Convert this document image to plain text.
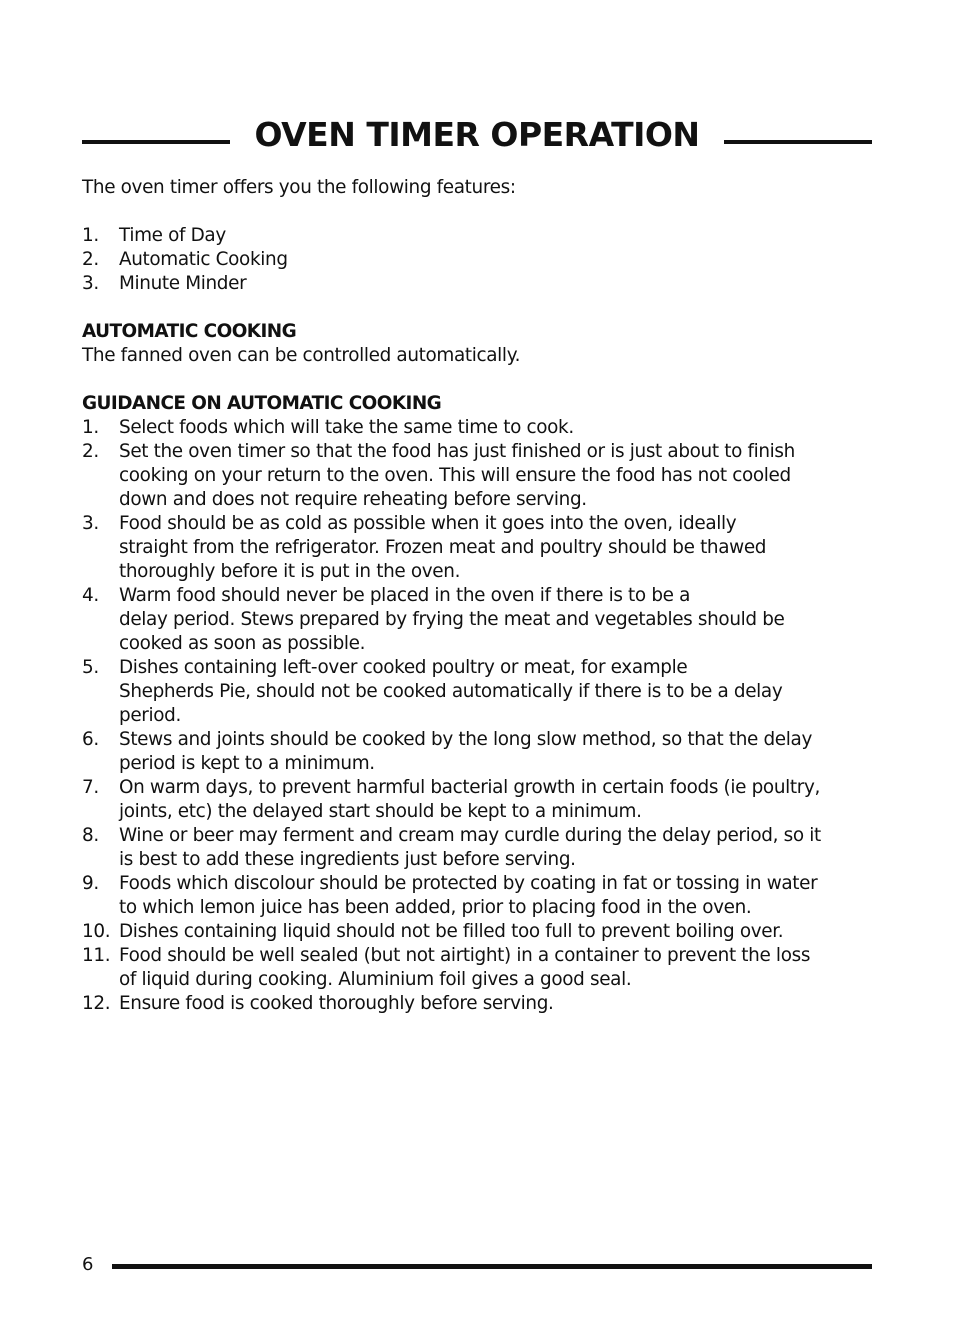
OVEN TIMER OPERATION

The oven timer offers you the following features:

1. Time of Day
2. Automatic Cooking
3. Minute Minder

AUTOMATIC COOKING

The fanned oven can be controlled automatically.

GUIDANCE ON AUTOMATIC COOKING

1. Select foods which will take the same time to cook.
2. Set the oven timer so that the food has just finished or is just about to finish
cooking on your return to the oven. This will ensure the food has not cooled
down and does not require reheating before serving.
3. Food should be as cold as possible when it goes into the oven, ideally
straight from the refrigerator. Frozen meat and poultry should be thawed
thoroughly before it is put in the oven.
4. Warm food should never be placed in the oven if there is to be a
delay period. Stews prepared by frying the meat and vegetables should be
cooked as soon as possible.
5. Dishes containing left-over cooked poultry or meat, for example
Shepherds Pie, should not be cooked automatically if there is to be a delay
period.
6. Stews and joints should be cooked by the long slow method, so that the delay
period is kept to a minimum.
7. On warm days, to prevent harmful bacterial growth in certain foods (ie poultry,
joints, etc) the delayed start should be kept to a minimum.
8. Wine or beer may ferment and cream may curdle during the delay period, so it
is best to add these ingredients just before serving.
9. Foods which discolour should be protected by coating in fat or tossing in water
to which lemon juice has been added, prior to placing food in the oven.
10. Dishes containing liquid should not be filled too full to prevent boiling over.
11. Food should be well sealed (but not airtight) in a container to prevent the loss
of liquid during cooking. Aluminium foil gives a good seal.
12. Ensure food is cooked thoroughly before serving.
6
